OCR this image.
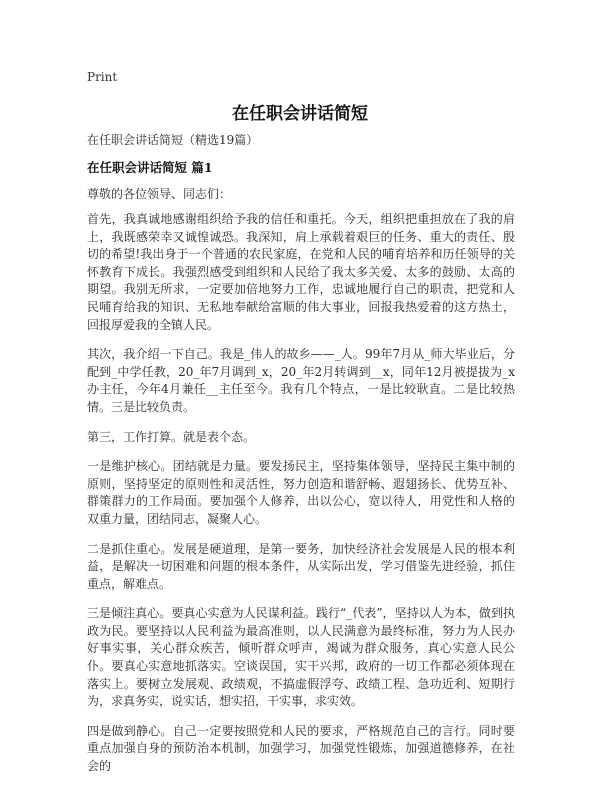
Print
在任职会讲话简短
在任职会讲话简短（精选19篇）
在任职会讲话简短 篇1
尊敬的各位领导、同志们：

首先，我真诚地感谢组织给予我的信任和重托。今天，组织把重担放在了我的肩上，我既感荣幸又诚惶诚恐。我深知，肩上承载着艰巨的任务、重大的责任、殷切的希望!我出身于一个普通的农民家庭，在党和人民的哺育培养和历任领导的关怀教育下成长。我强烈感受到组织和人民给了我太多关爱、太多的鼓励、太高的期望。我别无所求，一定要加倍地努力工作，忠诚地履行自己的职责，把党和人民哺育给我的知识、无私地奉献给富顺的伟大事业，回报我热爱着的这方热土，回报厚爱我的全镇人民。

其次，我介绍一下自己。我是_伟人的故乡——_人。99年7月从_师大毕业后，分配到_中学任教，20_年7月调到_x，20_年2月转调到__x，同年12月被提拔为_x办主任，今年4月兼任__主任至今。我有几个特点，一是比较耿直。二是比较热情。三是比较负责。

第三，工作打算。就是表个态。

一是维护核心。团结就是力量。要发扬民主，坚持集体领导，坚持民主集中制的原则，坚持坚定的原则性和灵活性，努力创造和谐舒畅、遐翅扬长、优势互补、群策群力的工作局面。要加强个人修养，出以公心，宽以待人，用党性和人格的双重力量，团结同志，凝聚人心。

二是抓住重心。发展是硬道理，是第一要务，加快经济社会发展是人民的根本利益，是解决一切困难和问题的根本条件，从实际出发，学习借鉴先进经验，抓住重点，解难点。

三是倾注真心。要真心实意为人民谋利益。践行“_代表”，坚持以人为本，做到执政为民。要坚持以人民利益为最高准则，以人民满意为最终标准，努力为人民办好事实事，关心群众疾苦，倾听群众呼声，竭诚为群众服务，真心实意人民公仆。要真心实意地抓落实。空谈误国，实干兴邦，政府的一切工作都必须体现在落实上。要树立发展观、政绩观，不搞虚假浮夸、政绩工程、急功近利、短期行为，求真务实，说实话，想实招，干实事，求实效。

四是做到静心。自己一定要按照党和人民的要求，严格规范自己的言行。同时要重点加强自身的预防治本机制，加强学习，加强党性锻炼，加强道德修养，在社会的
